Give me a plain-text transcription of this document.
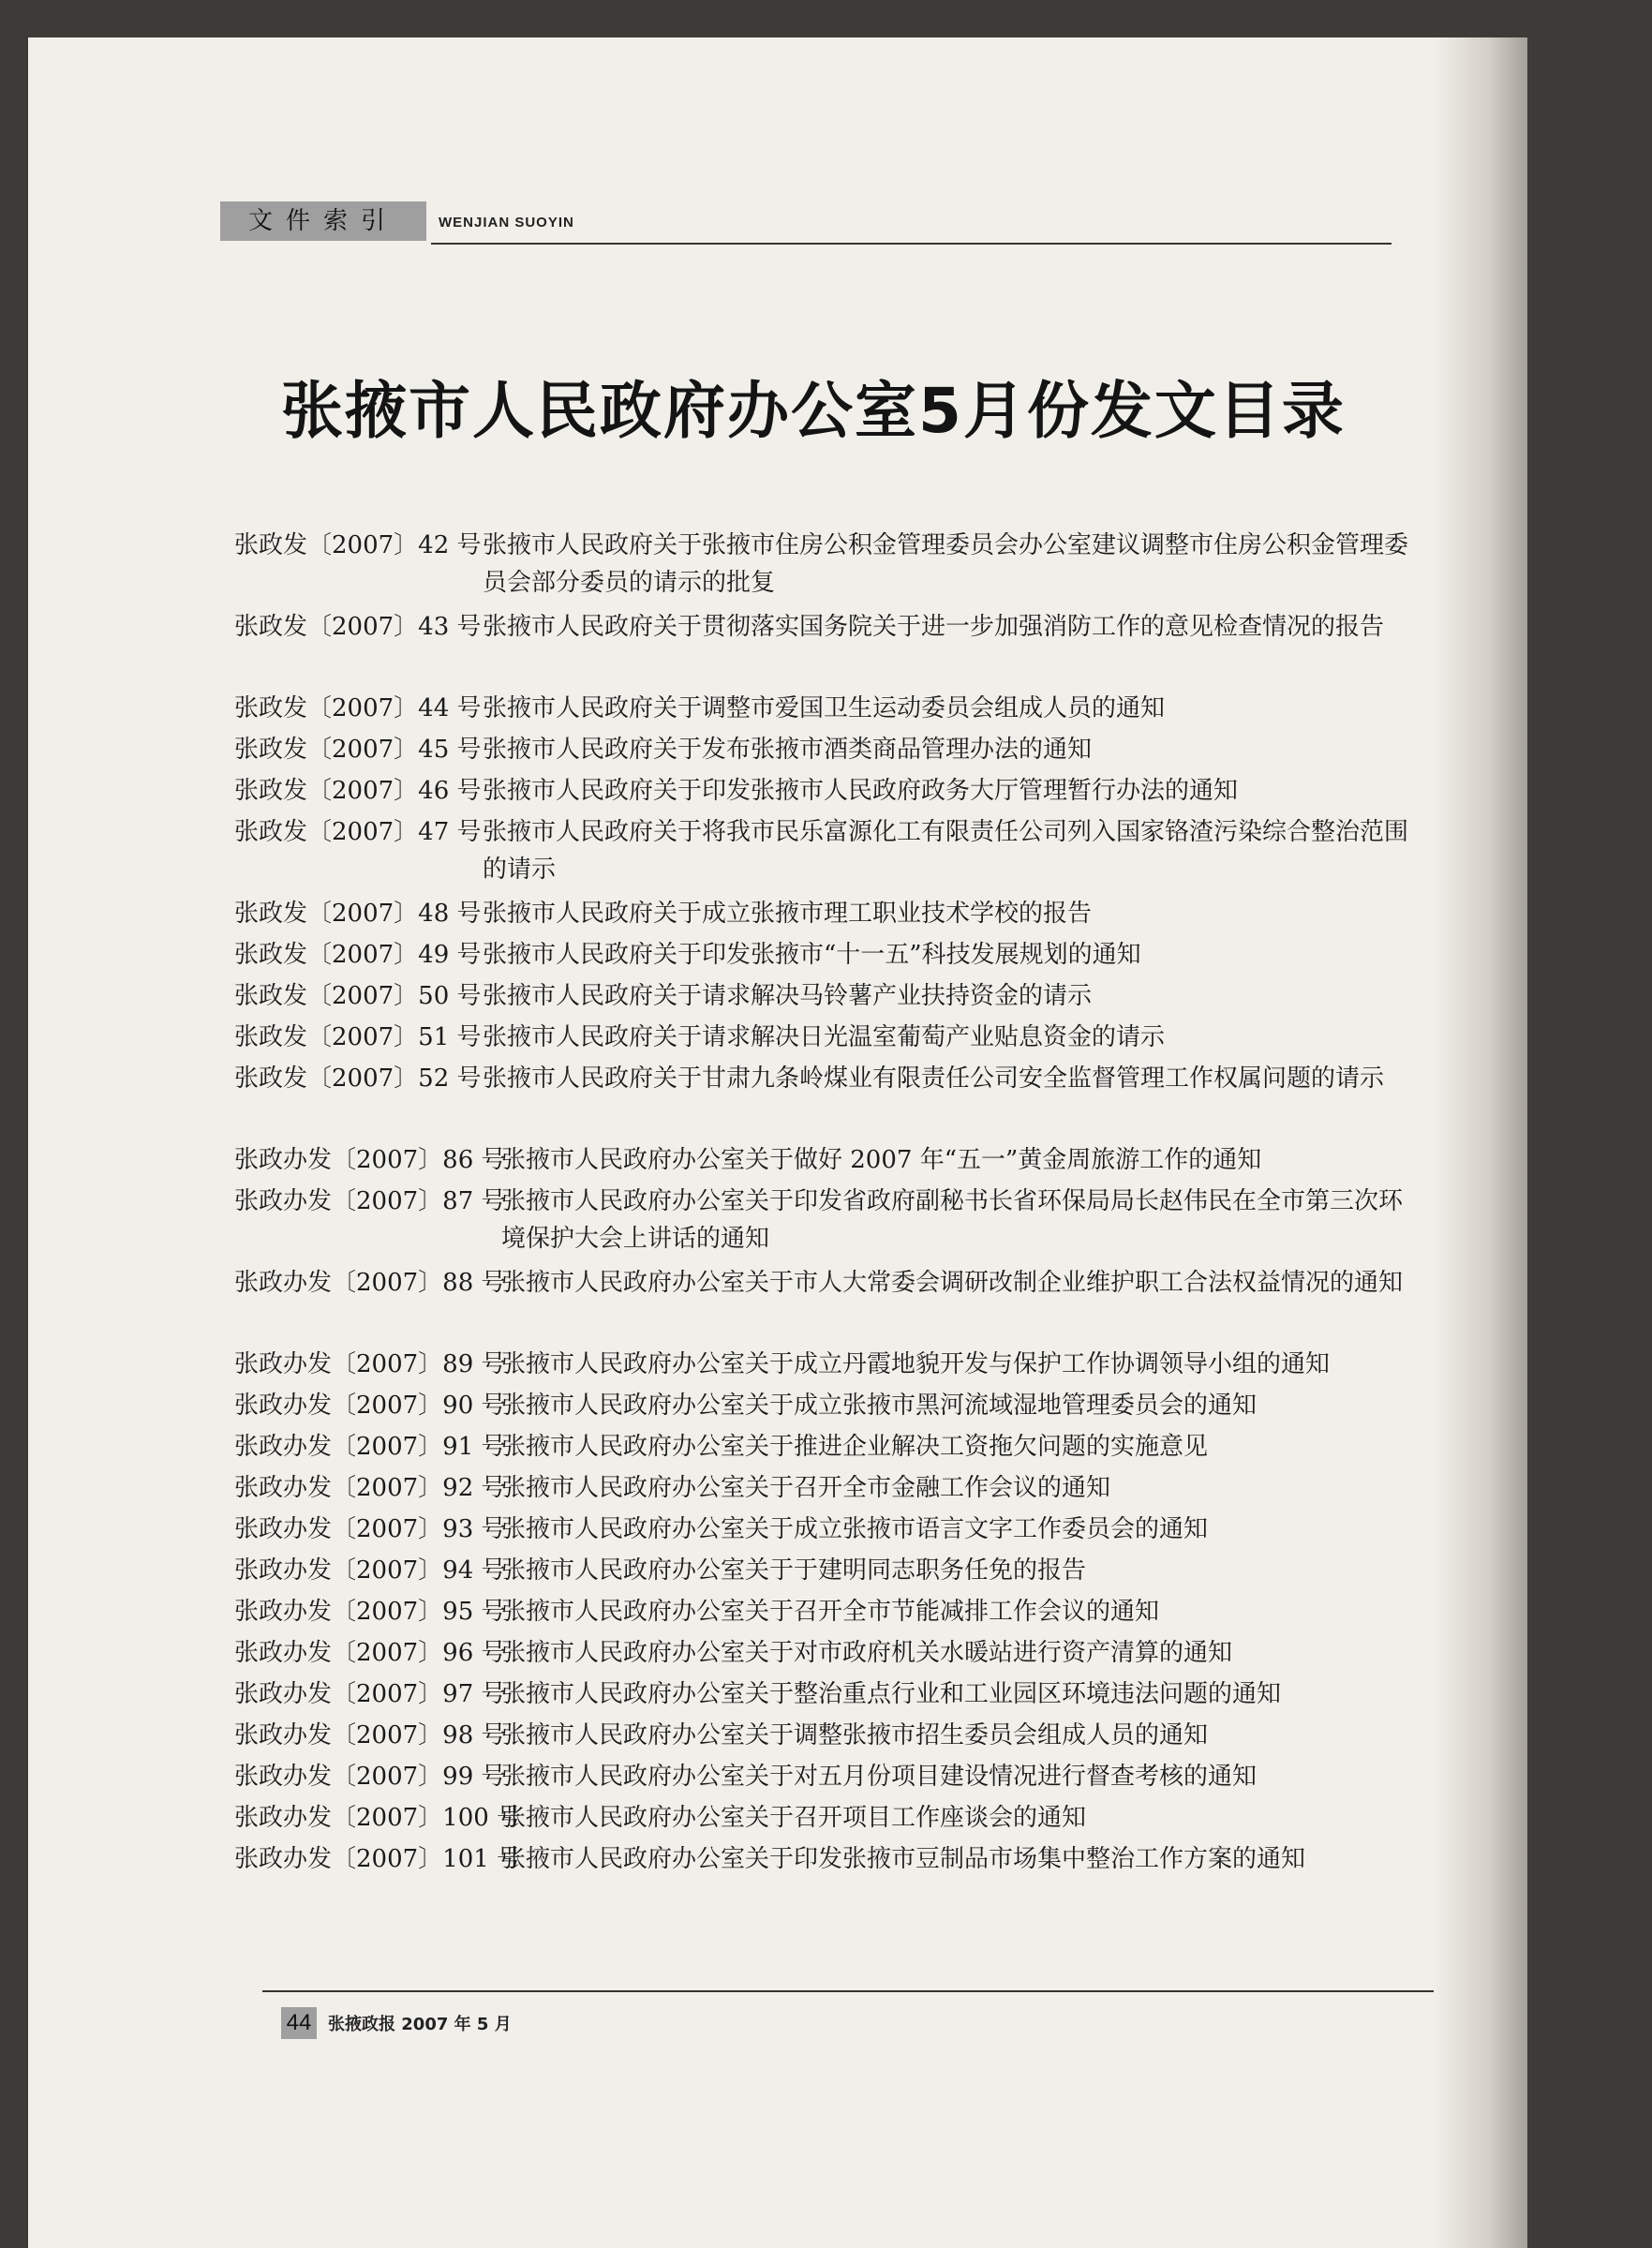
文件索引	WENJIAN SUOYIN
张掖市人民政府办公室5月份发文目录
张政发〔2007〕42 号 张掖市人民政府关于张掖市住房公积金管理委员会办公室建议调整市住房公积金管理委员会部分委员的请示的批复
张政发〔2007〕43 号 张掖市人民政府关于贯彻落实国务院关于进一步加强消防工作的意见检查情况的报告
张政发〔2007〕44 号 张掖市人民政府关于调整市爱国卫生运动委员会组成人员的通知
张政发〔2007〕45 号 张掖市人民政府关于发布张掖市酒类商品管理办法的通知
张政发〔2007〕46 号 张掖市人民政府关于印发张掖市人民政府政务大厅管理暂行办法的通知
张政发〔2007〕47 号 张掖市人民政府关于将我市民乐富源化工有限责任公司列入国家铬渣污染综合整治范围的请示
张政发〔2007〕48 号 张掖市人民政府关于成立张掖市理工职业技术学校的报告
张政发〔2007〕49 号 张掖市人民政府关于印发张掖市“十一五”科技发展规划的通知
张政发〔2007〕50 号 张掖市人民政府关于请求解决马铃薯产业扶持资金的请示
张政发〔2007〕51 号 张掖市人民政府关于请求解决日光温室葡萄产业贴息资金的请示
张政发〔2007〕52 号 张掖市人民政府关于甘肃九条岭煤业有限责任公司安全监督管理工作权属问题的请示
张政办发〔2007〕86 号
张掖市人民政府办公室关于做好 2007 年“五一”黄金周旅游工作的通知
张政办发〔2007〕87 号
张掖市人民政府办公室关于印发省政府副秘书长省环保局局长赵伟民在全市第三次环境保护大会上讲话的通知
张政办发〔2007〕88 号
张掖市人民政府办公室关于市人大常委会调研改制企业维护职工合法权益情况的通知
张政办发〔2007〕89 号
张掖市人民政府办公室关于成立丹霞地貌开发与保护工作协调领导小组的通知
张政办发〔2007〕90 号
张掖市人民政府办公室关于成立张掖市黑河流域湿地管理委员会的通知
张政办发〔2007〕91 号
张掖市人民政府办公室关于推进企业解决工资拖欠问题的实施意见
张政办发〔2007〕92 号
张掖市人民政府办公室关于召开全市金融工作会议的通知
张政办发〔2007〕93 号
张掖市人民政府办公室关于成立张掖市语言文字工作委员会的通知
张政办发〔2007〕94 号
张掖市人民政府办公室关于于建明同志职务任免的报告
张政办发〔2007〕95 号
张掖市人民政府办公室关于召开全市节能减排工作会议的通知
张政办发〔2007〕96 号
张掖市人民政府办公室关于对市政府机关水暖站进行资产清算的通知
张政办发〔2007〕97 号
张掖市人民政府办公室关于整治重点行业和工业园区环境违法问题的通知
张政办发〔2007〕98 号
张掖市人民政府办公室关于调整张掖市招生委员会组成人员的通知
张政办发〔2007〕99 号
张掖市人民政府办公室关于对五月份项目建设情况进行督查考核的通知
张政办发〔2007〕100 号
张掖市人民政府办公室关于召开项目工作座谈会的通知
张政办发〔2007〕101 号
张掖市人民政府办公室关于印发张掖市豆制品市场集中整治工作方案的通知
44 张掖政报 2007 年 5 月
